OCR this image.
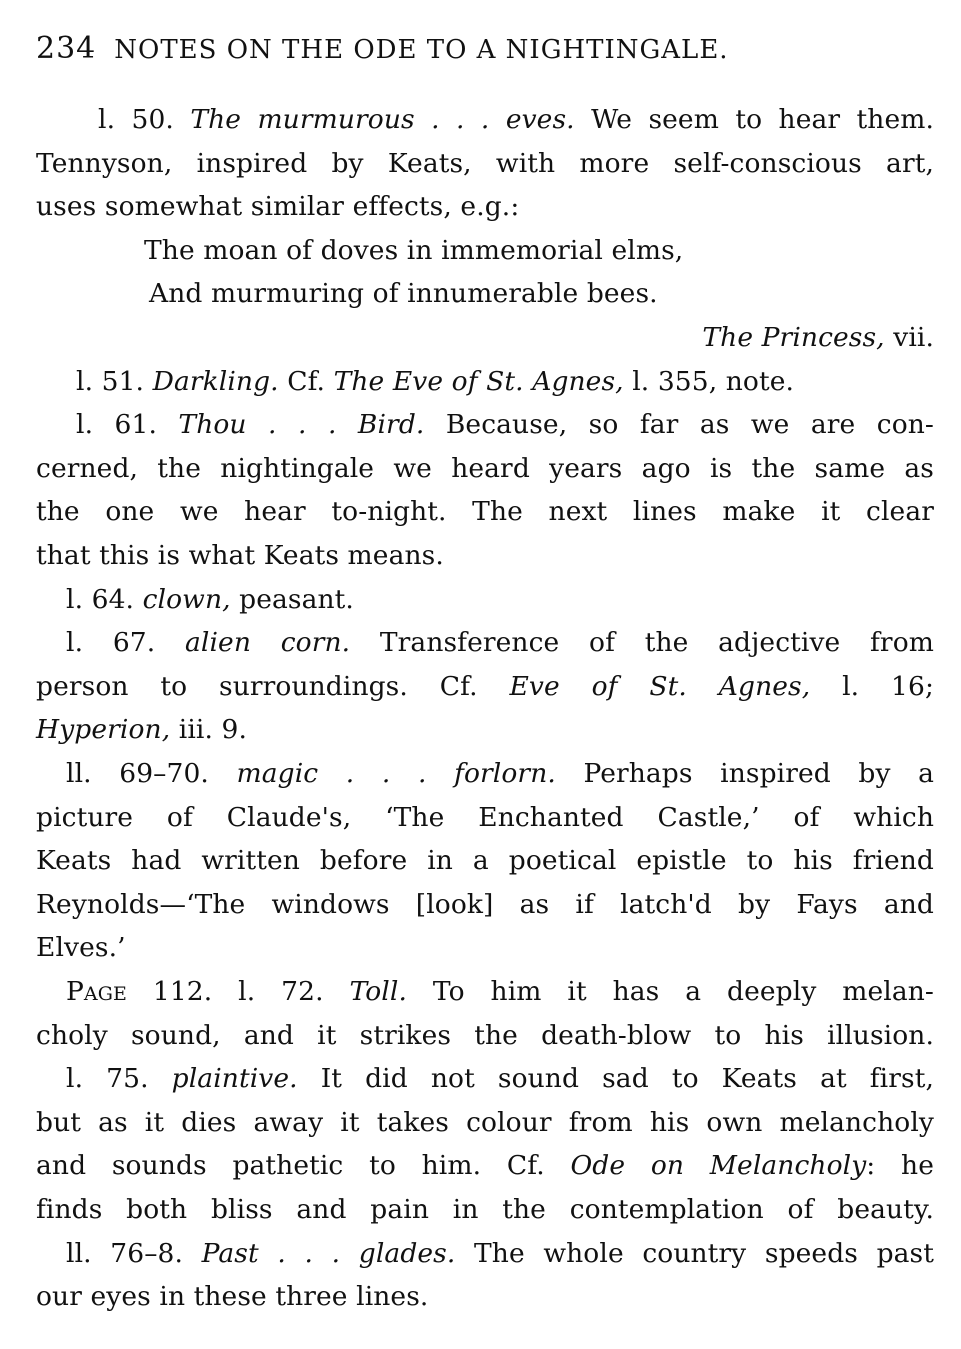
234 NOTES ON THE ODE TO A NIGHTINGALE.
l. 50. The murmurous . . . eves. We seem to hear them.
Tennyson, inspired by Keats, with more self-conscious art,
uses somewhat similar effects, e.g.:
The moan of doves in immemorial elms,
And murmuring of innumerable bees.
The Princess, vii.
l. 51. Darkling. Cf. The Eve of St. Agnes, l. 355, note.
l. 61. Thou . . . Bird. Because, so far as we are con-
cerned, the nightingale we heard years ago is the same as
the one we hear to-night. The next lines make it clear
that this is what Keats means.
l. 64. clown, peasant.
l. 67. alien corn. Transference of the adjective from
person to surroundings. Cf. Eve of St. Agnes, l. 16;
Hyperion, iii. 9.
ll. 69–70. magic . . . forlorn. Perhaps inspired by a
picture of Claude's, ‘The Enchanted Castle,’ of which
Keats had written before in a poetical epistle to his friend
Reynolds—‘The windows [look] as if latch'd by Fays and
Elves.’
Page 112. l. 72. Toll. To him it has a deeply melan-
choly sound, and it strikes the death-blow to his illusion.
l. 75. plaintive. It did not sound sad to Keats at first,
but as it dies away it takes colour from his own melancholy
and sounds pathetic to him. Cf. Ode on Melancholy: he
finds both bliss and pain in the contemplation of beauty.
ll. 76–8. Past . . . glades. The whole country speeds past
our eyes in these three lines.
